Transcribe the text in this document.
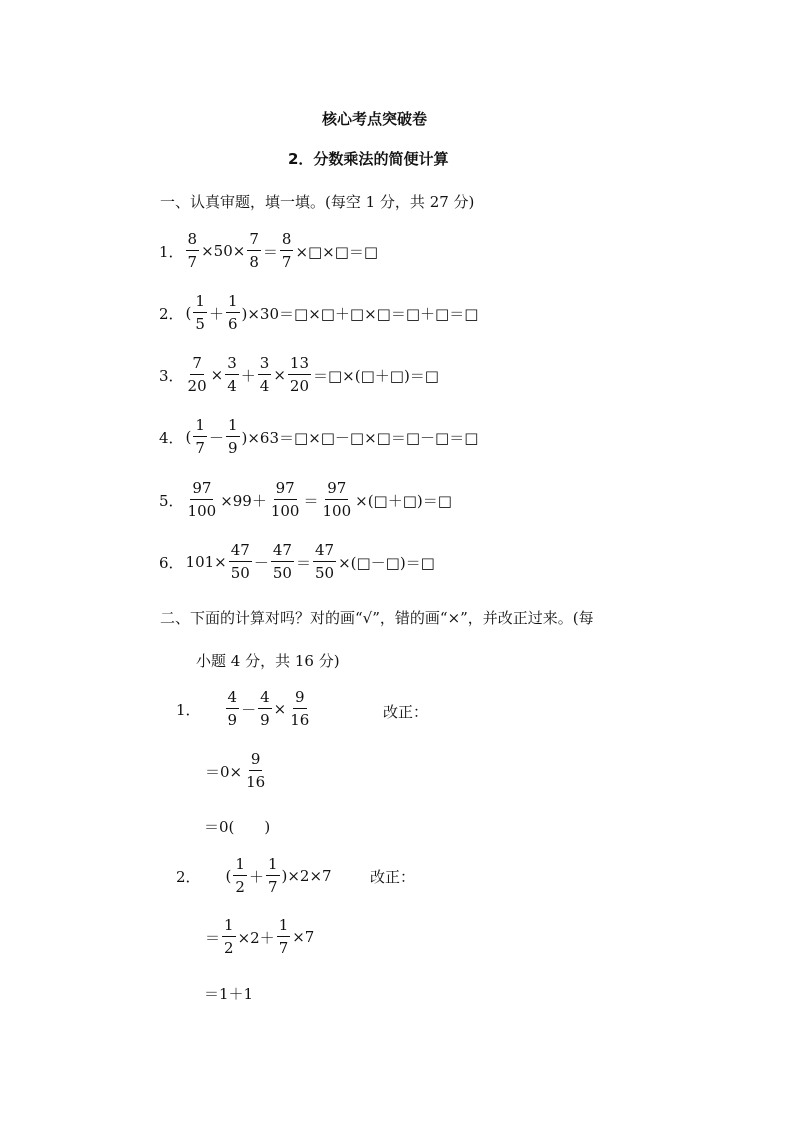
核心考点突破卷
2．分数乘法的简便计算
一、认真审题，填一填。(每空 1 分，共 27 分)
1． $\frac{8}{7} \times 50\times \frac{7}{8} = \frac{8}{7}$ ×□×□＝□
2． ( $\frac{1}{5} + \frac{1}{6}$ )×30＝□×□＋□×□＝□＋□＝□
3． $\frac{7}{20} \times \frac{3}{4} + \frac{3}{4} \times \frac{13}{20}$ ＝□×(□＋□)＝□
4． ( $\frac{1}{7} - \frac{1}{9}$ )×63＝□×□－□×□＝□－□＝□
5． $\frac{97}{100} \times 99+ \frac{97}{100} = \frac{97}{100}$ ×(□＋□)＝□
6． $101\times \frac{47}{50} - \frac{47}{50} = \frac{47}{50}$ ×(□－□)＝□
二、下面的计算对吗？对的画“√”，错的画“×”，并改正过来。(每
小题 4 分，共 16 分)
1． $\frac{4}{9} - \frac{4}{9} \times \frac{9}{16}$	改正：
$=0\times \frac{9}{16}$
＝0(　　)
2． ( $\frac{1}{2} + \frac{1}{7} )\times 2\times 7$	改正：
＝ $\frac{1}{2} \times 2+ \frac{1}{7} \times 7$
＝1＋1
